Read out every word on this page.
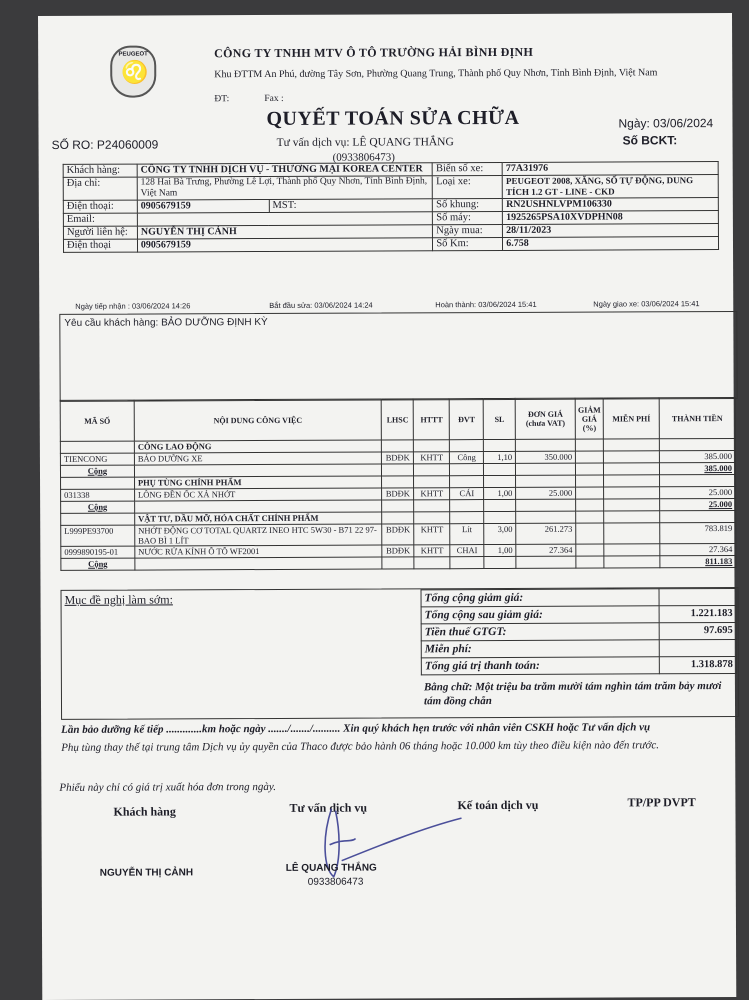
PEUGEOT
♌
CÔNG TY TNHH MTV Ô TÔ TRƯỜNG HẢI BÌNH ĐỊNH
Khu ĐTTM An Phú, đường Tây Sơn, Phường Quang Trung, Thành phố Quy Nhơn, Tỉnh Bình Định, Việt Nam
ĐT:	Fax :
QUYẾT TOÁN SỬA CHỮA	Ngày: 03/06/2024
Số BCKT:
SỐ RO: P24060009	Tư vấn dịch vụ: LÊ QUANG THẮNG
(0933806473)
Khách hàng:	CÔNG TY TNHH DỊCH VỤ - THƯƠNG MẠI KOREA CENTER		Biển số xe:	77A31976
Địa chỉ:	128 Hai Bà Trưng, Phường Lê Lợi, Thành phố Quy Nhơn, Tỉnh Bình Định, Việt Nam		Loại xe:	PEUGEOT 2008, XĂNG, SỐ TỰ ĐỘNG, DUNG TÍCH 1.2 GT - LINE - CKD
Điện thoại:	0905679159	MST:	Số khung:	RN2USHNLVPM106330
Email:			Số máy:	1925265PSA10XVDPHN08
Người liên hệ:	NGUYỄN THỊ CẢNH		Ngày mua:	28/11/2023
Điện thoại	0905679159		Số Km:	6.758
Ngày tiếp nhận : 03/06/2024 14:26	Bắt đầu sửa: 03/06/2024 14:24	Hoàn thành: 03/06/2024 15:41	Ngày giao xe: 03/06/2024 15:41
Yêu cầu khách hàng: BẢO DƯỠNG ĐỊNH KỲ
MÃ SỐ	NỘI DUNG CÔNG VIỆC	LHSC	HTTT	ĐVT	SL	ĐƠN GIÁ (chưa VAT)	GIẢM GIÁ (%)	MIỄN PHÍ	THÀNH TIỀN
	CÔNG LAO ĐỘNG								
TIENCONG	BẢO DƯỠNG XE	BDĐK	KHTT	Công	1,10	350.000			385.000
Cộng									385.000
	PHỤ TÙNG CHÍNH PHẨM								
031338	LÔNG ĐỀN ỐC XẢ NHỚT	BDĐK	KHTT	CÁI	1,00	25.000			25.000
Cộng									25.000
	VẬT TƯ, DẦU MỠ, HÓA CHẤT CHÍNH PHẨM								
L999PE93700	NHỚT ĐỘNG CƠ TOTAL QUARTZ INEO HTC 5W30 - B71 22 97-BAO BÌ 1 LÍT	BDĐK	KHTT	Lít	3,00	261.273			783.819
0999890195-01	NƯỚC RỬA KÍNH Ô TÔ WF2001	BDĐK	KHTT	CHAI	1,00	27.364			27.364
Cộng									811.183
Mục đề nghị làm sớm:	Tổng cộng giảm giá:	
Tổng cộng sau giảm giá:	1.221.183
Tiền thuế GTGT:	97.695
Miễn phí:	
Tổng giá trị thanh toán:	1.318.878
Bằng chữ: Một triệu ba trăm mười tám nghìn tám trăm bảy mươi tám đồng chẵn
Lần bảo dưỡng kế tiếp .............km hoặc ngày ......./......./.......... Xin quý khách hẹn trước với nhân viên CSKH hoặc Tư vấn dịch vụ
Phụ tùng thay thế tại trung tâm Dịch vụ ủy quyền của Thaco được bảo hành 06 tháng hoặc 10.000 km tùy theo điều kiện nào đến trước.
Phiếu này chỉ có giá trị xuất hóa đơn trong ngày.
Khách hàng	Tư vấn dịch vụ	Kế toán dịch vụ	TP/PP DVPT
NGUYỄN THỊ CẢNH	LÊ QUANG THẮNG
0933806473
